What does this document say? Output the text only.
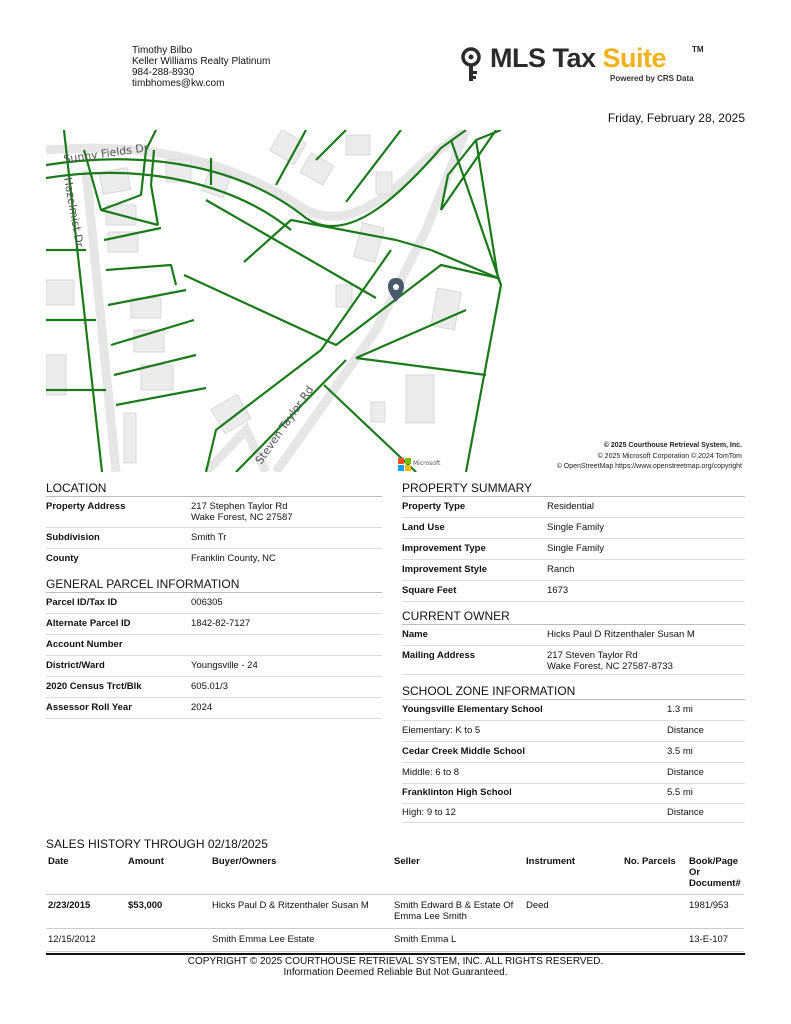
Timothy Bilbo
Keller Williams Realty Platinum
984-288-8930
timbhomes@kw.com
MLS Tax Suite	TM
Powered by CRS Data
Friday, February 28, 2025
Sunny Fields Dr
Hazelmist Dr
Steven Taylor Rd	Microsoft
© 2025 Courthouse Retrieval System, Inc.
© 2025 Microsoft Corporation © 2024 TomTom
© OpenStreetMap https://www.openstreetmap.org/copyright
LOCATION
Property Address	217 Stephen Taylor Rd
Wake Forest, NC 27587
Subdivision	Smith Tr
County	Franklin County, NC
GENERAL PARCEL INFORMATION
Parcel ID/Tax ID	006305
Alternate Parcel ID	1842-82-7127
Account Number
District/Ward	Youngsville - 24
2020 Census Trct/Blk	605.01/3
Assessor Roll Year	2024
PROPERTY SUMMARY
Property Type	Residential
Land Use	Single Family
Improvement Type	Single Family
Improvement Style	Ranch
Square Feet	1673
CURRENT OWNER
Name	Hicks Paul D Ritzenthaler Susan M
Mailing Address	217 Steven Taylor Rd
Wake Forest, NC 27587-8733
SCHOOL ZONE INFORMATION
Youngsville Elementary School	1.3 mi
Elementary: K to 5	Distance
Cedar Creek Middle School	3.5 mi
Middle: 6 to 8	Distance
Franklinton High School	5.5 mi
High: 9 to 12	Distance
SALES HISTORY THROUGH 02/18/2025
Date	Amount	Buyer/Owners	Seller	Instrument	No. Parcels	Book/Page Or Document#
2/23/2015	$53,000	Hicks Paul D & Ritzenthaler Susan M	Smith Edward B & Estate Of Emma Lee Smith	Deed		1981/953
12/15/2012		Smith Emma Lee Estate	Smith Emma L			13-E-107
COPYRIGHT © 2025 COURTHOUSE RETRIEVAL SYSTEM, INC. ALL RIGHTS RESERVED.
Information Deemed Reliable But Not Guaranteed.
